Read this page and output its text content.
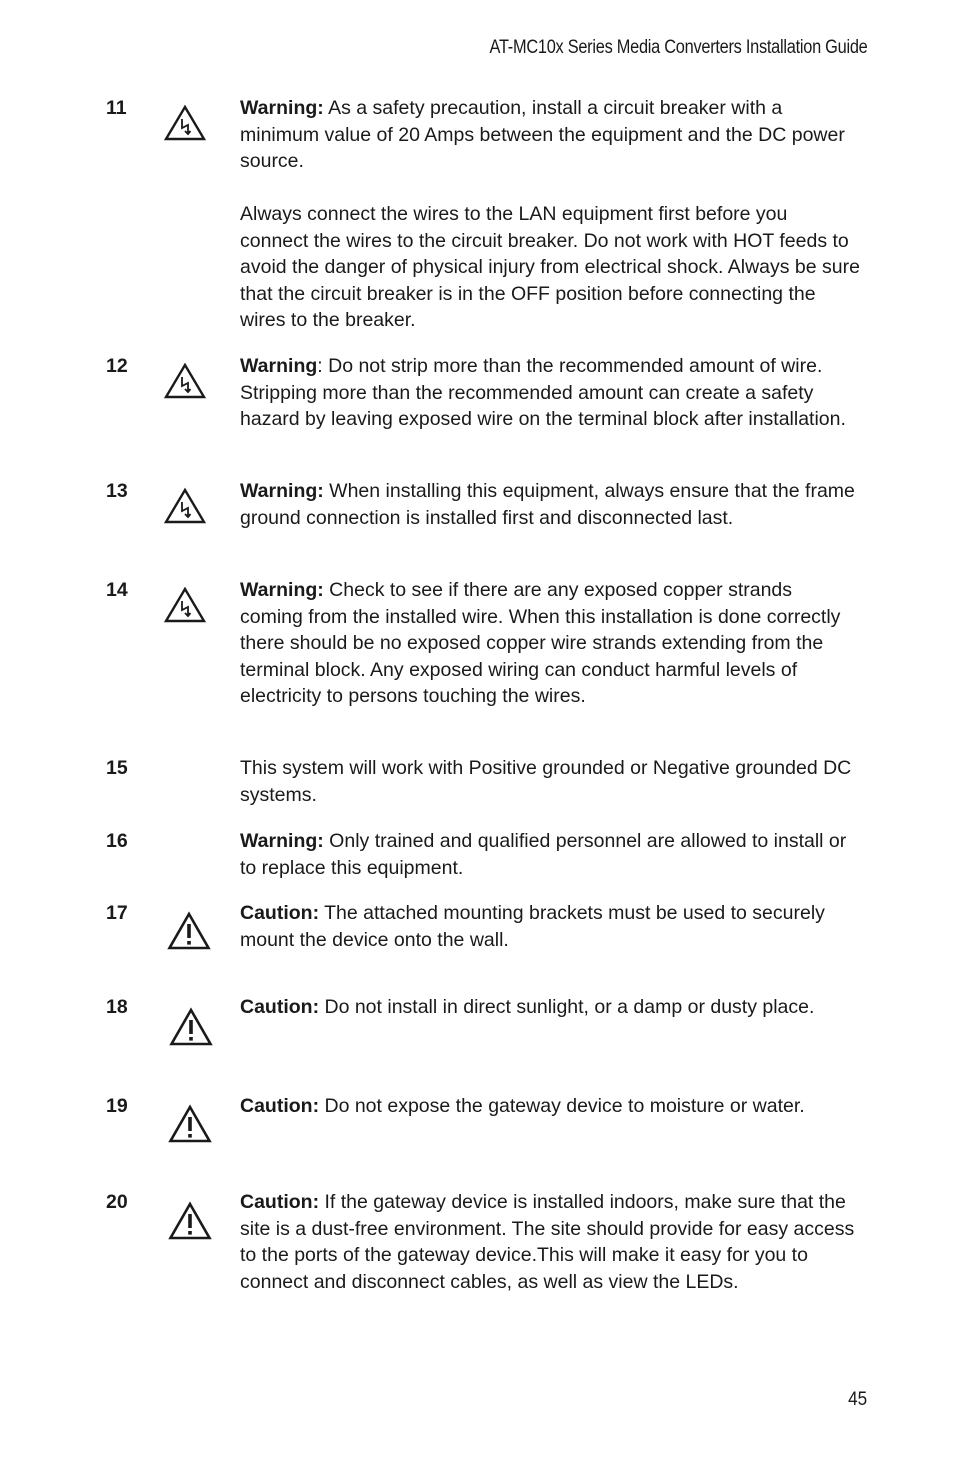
AT-MC10x Series Media Converters Installation Guide
11	Warning: As a safety precaution, install a circuit breaker with a minimum value of 20 Amps between the equipment and the DC power source.

Always connect the wires to the LAN equipment first before you connect the wires to the circuit breaker. Do not work with HOT feeds to avoid the danger of physical injury from electrical shock. Always be sure that the circuit breaker is in the OFF position before connecting the wires to the breaker.

12	Warning: Do not strip more than the recommended amount of wire. Stripping more than the recommended amount can create a safety hazard by leaving exposed wire on the terminal block after installation.

13	Warning: When installing this equipment, always ensure that the frame ground connection is installed first and disconnected last.

14	Warning: Check to see if there are any exposed copper strands coming from the installed wire. When this installation is done correctly there should be no exposed copper wire strands extending from the terminal block. Any exposed wiring can conduct harmful levels of electricity to persons touching the wires.

15	This system will work with Positive grounded or Negative grounded DC systems.

16	Warning: Only trained and qualified personnel are allowed to install or to replace this equipment.

17	Caution: The attached mounting brackets must be used to securely mount the device onto the wall.

18	Caution: Do not install in direct sunlight, or a damp or dusty place.

19	Caution: Do not expose the gateway device to moisture or water.

20	Caution: If the gateway device is installed indoors, make sure that the site is a dust-free environment. The site should provide for easy access to the ports of the gateway device.This will make it easy for you to connect and disconnect cables, as well as view the LEDs.

45
